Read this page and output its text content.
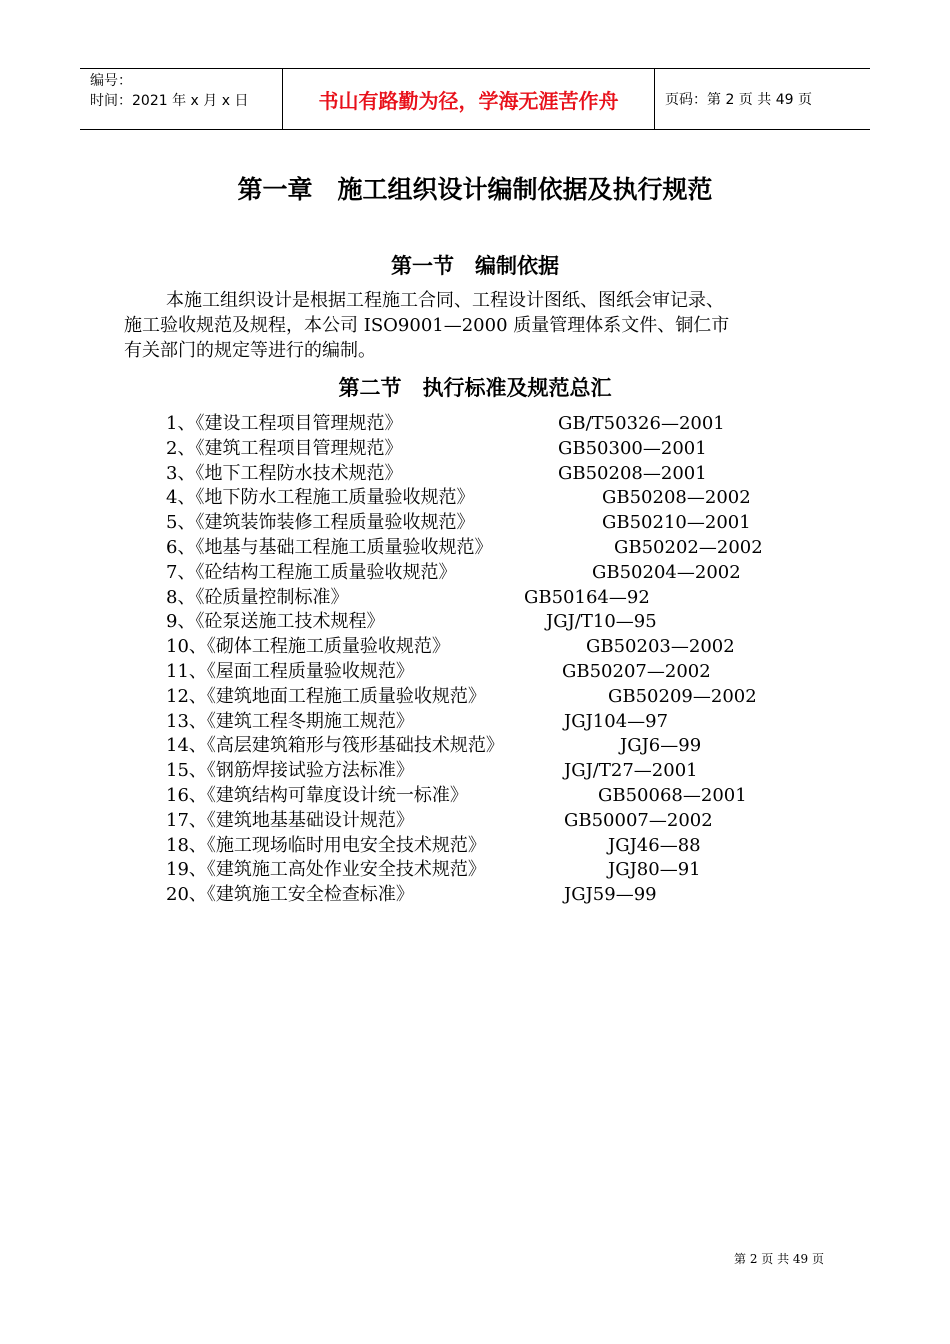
编号：
时间：2021 年 x 月 x 日	书山有路勤为径，学海无涯苦作舟	页码：第 2 页 共 49 页
第一章　施工组织设计编制依据及执行规范
第一节　编制依据
本施工组织设计是根据工程施工合同、工程设计图纸、图纸会审记录、
施工验收规范及规程，本公司 ISO9001—2000 质量管理体系文件、铜仁市
有关部门的规定等进行的编制。
第二节　执行标准及规范总汇
1、《建设工程项目管理规范》	GB/T50326—2001
2、《建筑工程项目管理规范》	GB50300—2001
3、《地下工程防水技术规范》	GB50208—2001
4、《地下防水工程施工质量验收规范》	GB50208—2002
5、《建筑装饰装修工程质量验收规范》	GB50210—2001
6、《地基与基础工程施工质量验收规范》	GB50202—2002
7、《砼结构工程施工质量验收规范》	GB50204—2002
8、《砼质量控制标准》	GB50164—92
9、《砼泵送施工技术规程》	JGJ/T10—95
10、《砌体工程施工质量验收规范》	GB50203—2002
11、《屋面工程质量验收规范》	GB50207—2002
12、《建筑地面工程施工质量验收规范》	GB50209—2002
13、《建筑工程冬期施工规范》	JGJ104—97
14、《高层建筑箱形与筏形基础技术规范》	JGJ6—99
15、《钢筋焊接试验方法标准》	JGJ/T27—2001
16、《建筑结构可靠度设计统一标准》	GB50068—2001
17、《建筑地基基础设计规范》	GB50007—2002
18、《施工现场临时用电安全技术规范》	JGJ46—88
19、《建筑施工高处作业安全技术规范》	JGJ80—91
20、《建筑施工安全检查标准》	JGJ59—99
第 2 页 共 49 页
